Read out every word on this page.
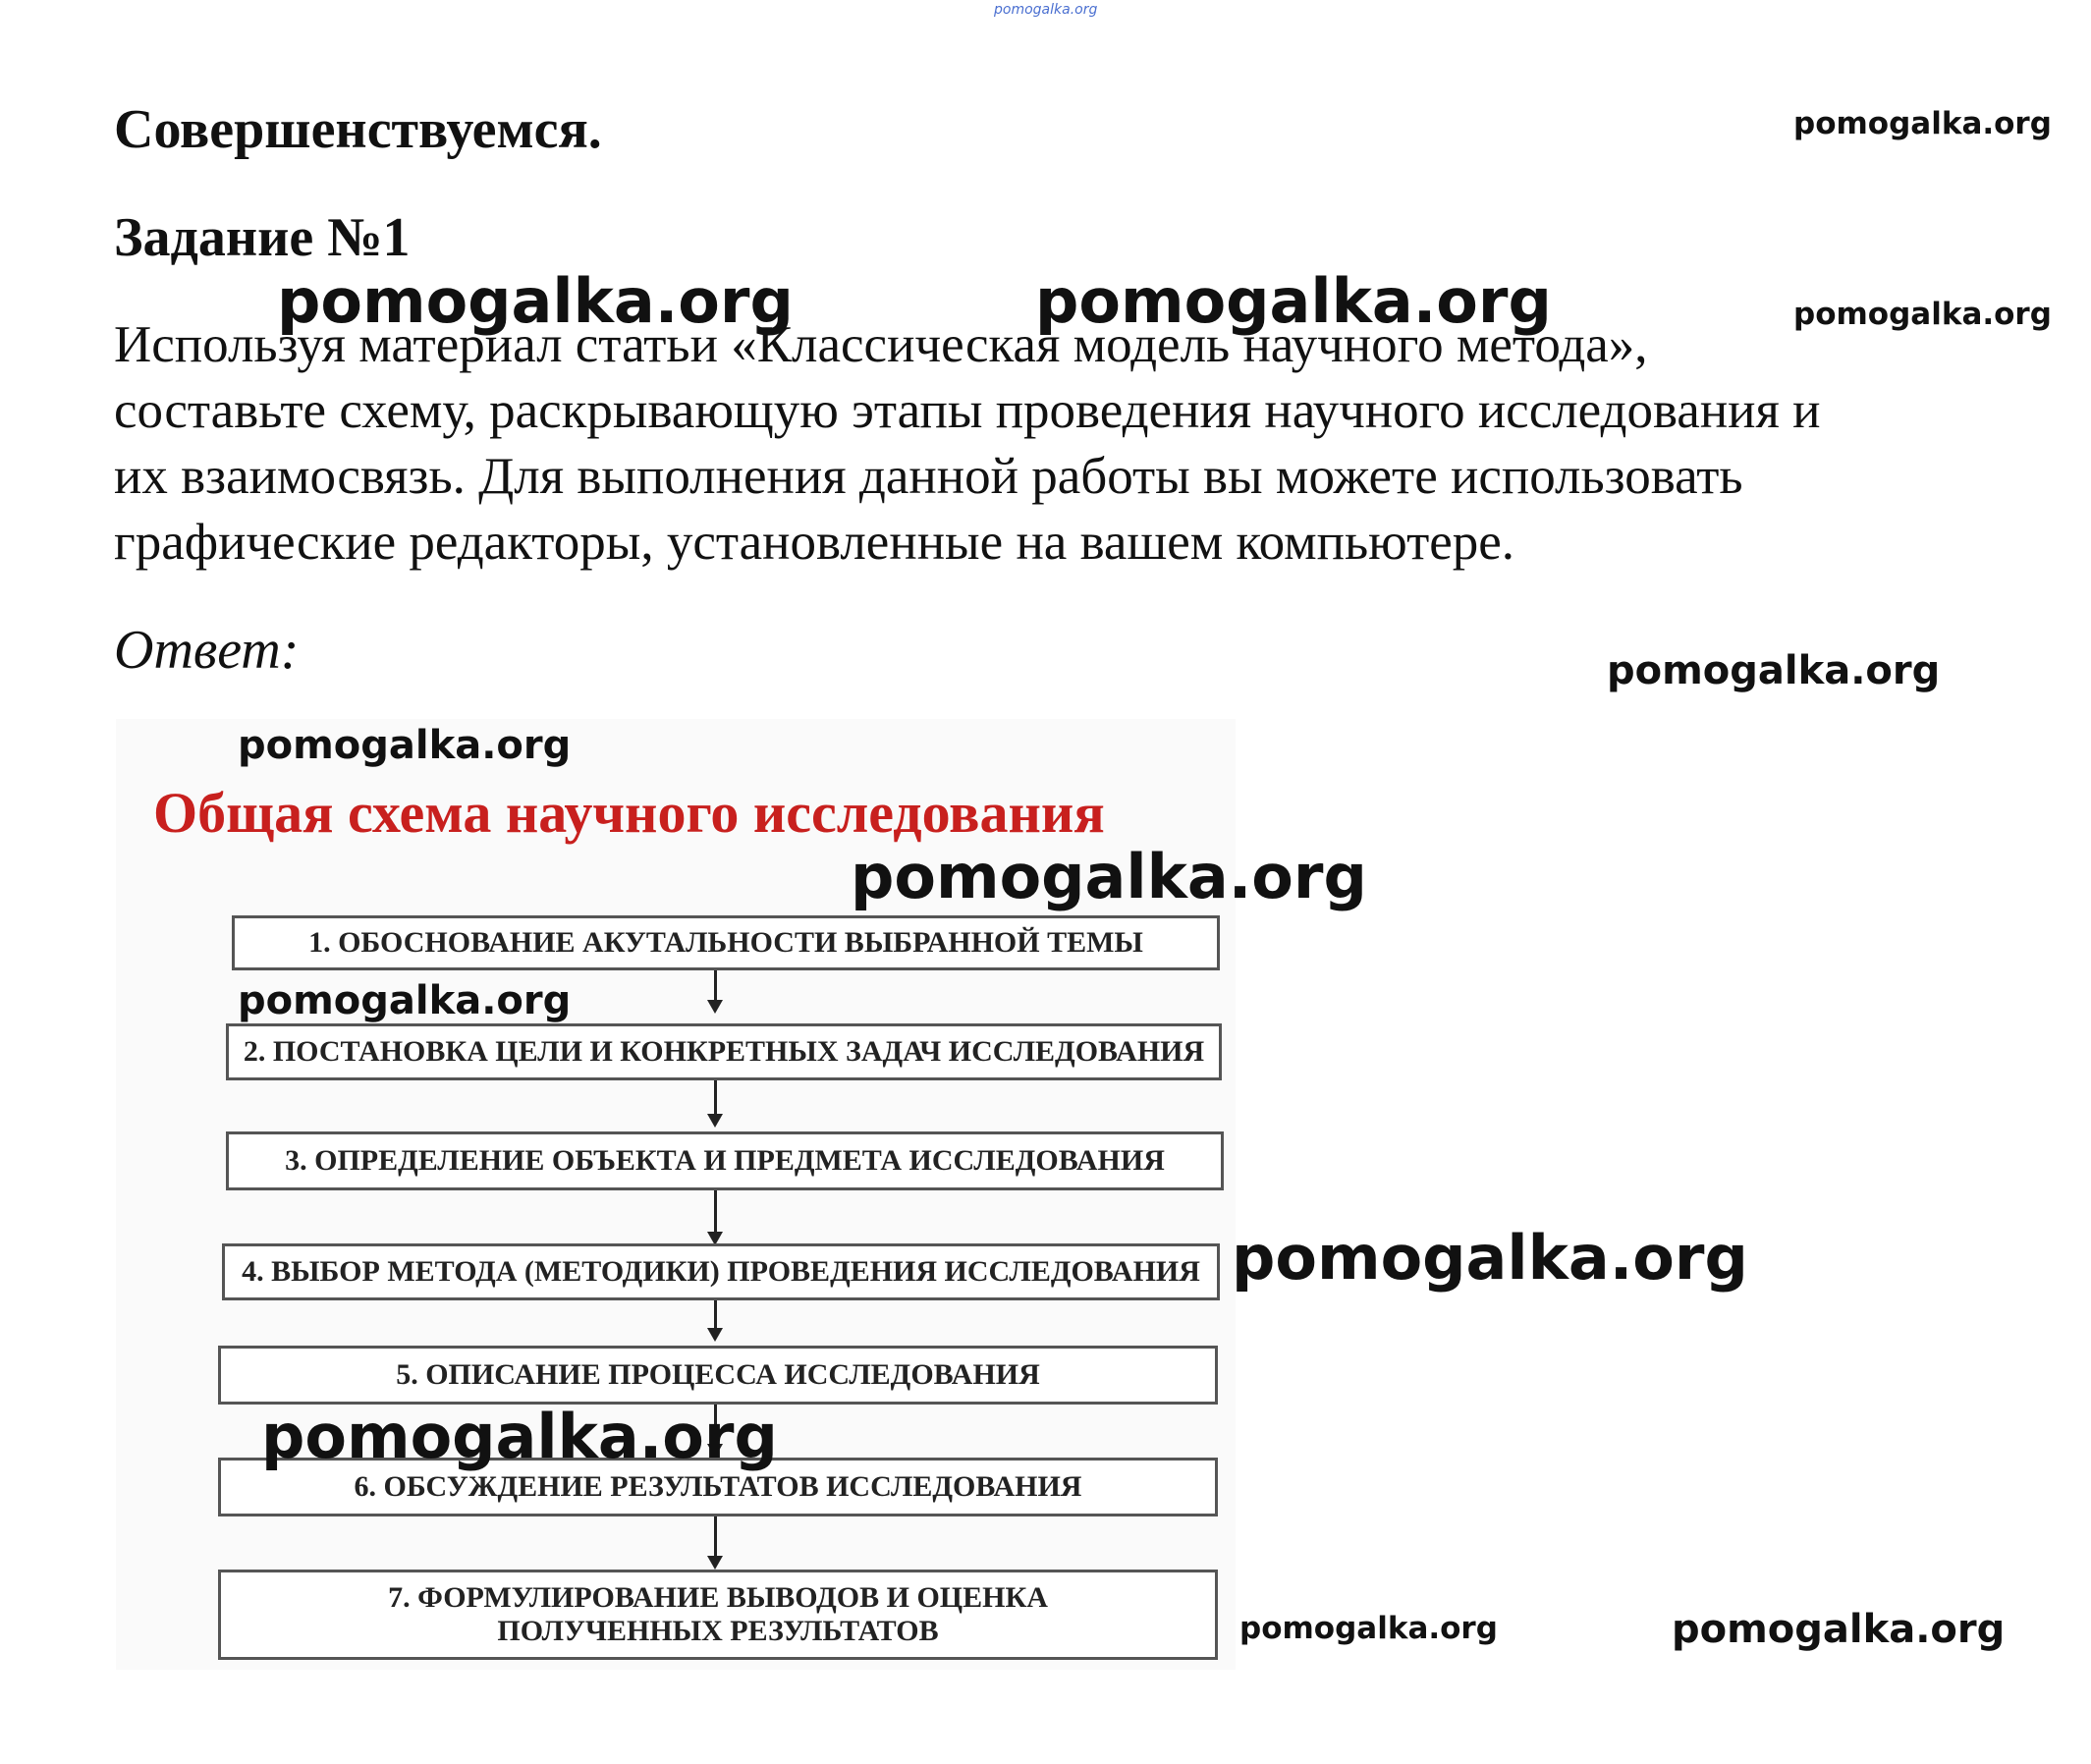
Совершенствуемся.
Задание №1

Используя материал статьи «Классическая модель научного метода»,
составьте схему, раскрывающую этапы проведения научного исследования и
их взаимосвязь. Для выполнения данной работы вы можете использовать
графические редакторы, установленные на вашем компьютере.

Ответ:

Общая схема научного исследования
1. ОБОСНОВАНИЕ АКУТАЛЬНОСТИ ВЫБРАННОЙ ТЕМЫ
2. ПОСТАНОВКА ЦЕЛИ И КОНКРЕТНЫХ ЗАДАЧ ИССЛЕДОВАНИЯ
3. ОПРЕДЕЛЕНИЕ ОБЪЕКТА И ПРЕДМЕТА ИССЛЕДОВАНИЯ
4. ВЫБОР МЕТОДА (МЕТОДИКИ) ПРОВЕДЕНИЯ ИССЛЕДОВАНИЯ
5. ОПИСАНИЕ ПРОЦЕССА ИССЛЕДОВАНИЯ
6. ОБСУЖДЕНИЕ РЕЗУЛЬТАТОВ ИССЛЕДОВАНИЯ
7. ФОРМУЛИРОВАНИЕ ВЫВОДОВ И ОЦЕНКА ПОЛУЧЕННЫХ РЕЗУЛЬТАТОВ
pomogalka.org
pomogalka.org
pomogalka.org	pomogalka.org	pomogalka.org
pomogalka.org
pomogalka.org
pomogalka.org
pomogalka.org
pomogalka.org
pomogalka.org
pomogalka.org	pomogalka.org
